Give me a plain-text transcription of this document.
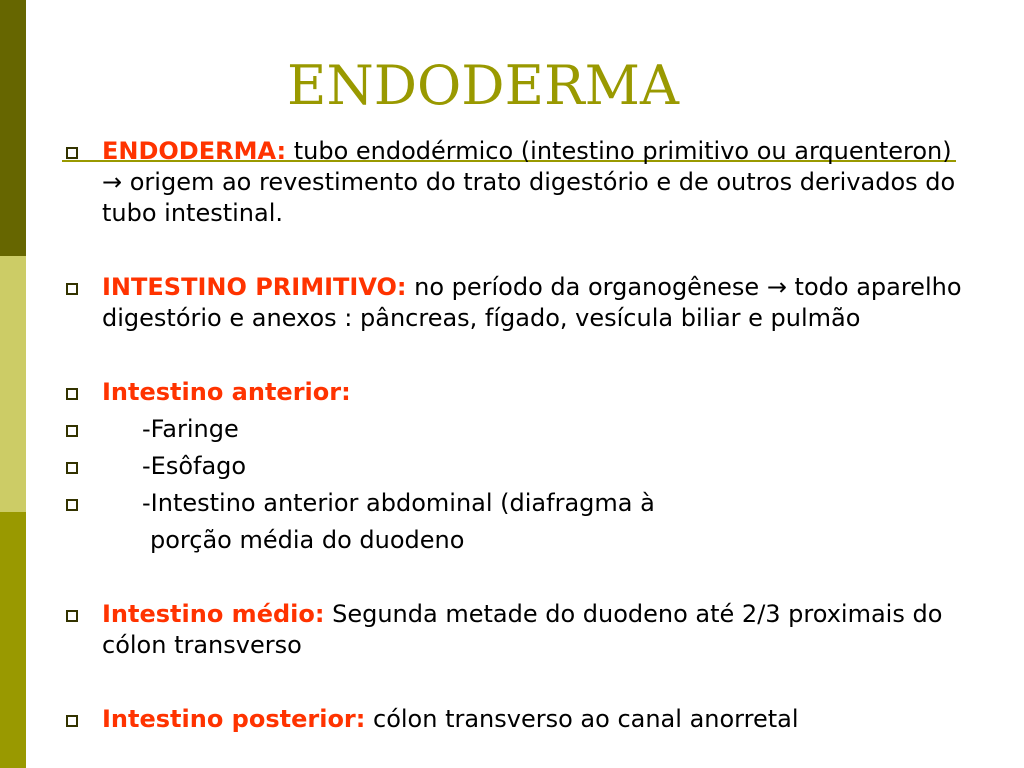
ENDODERMA

ENDODERMA: tubo endodérmico (intestino primitivo ou arquenteron) → origem ao revestimento do trato digestório e de outros derivados do tubo intestinal.

INTESTINO PRIMITIVO: no período da organogênese → todo aparelho digestório e anexos : pâncreas, fígado, vesícula biliar e pulmão

Intestino anterior:

-Faringe

-Esôfago

-Intestino anterior abdominal (diafragma à

porção média do duodeno

Intestino médio: Segunda metade do duodeno até 2/3 proximais do cólon transverso

Intestino posterior: cólon transverso ao canal anorretal
